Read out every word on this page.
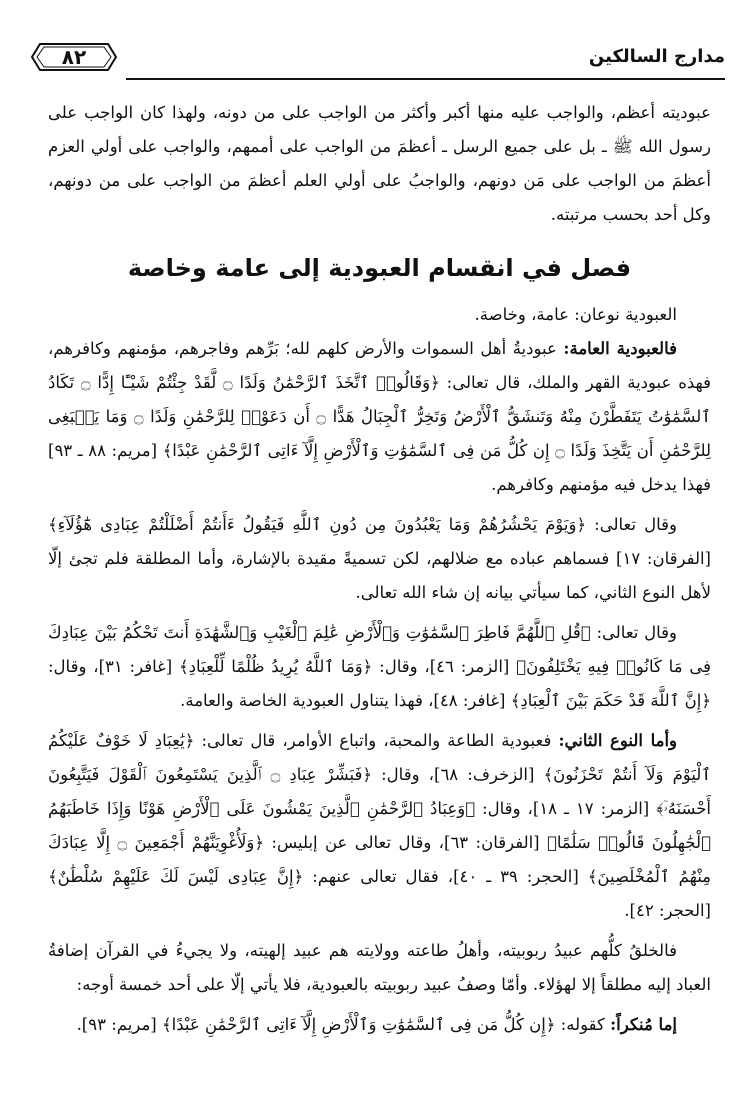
٨٢	مدارج السالكين

عبوديته أعظم، والواجب عليه منها أكبر وأكثر من الواجب على من دونه، ولهذا كان الواجب على رسول الله ﷺ ـ بل على جميع الرسل ـ أعظمَ من الواجب على أممهم، والواجب على أولي العزم أعظمَ من الواجب على مَن دونهم، والواجبُ على أولي العلم أعظمَ من الواجب على من دونهم، وكل أحد بحسب مرتبته.

فصل في انقسام العبودية إلى عامة وخاصة

العبودية نوعان: عامة، وخاصة.

فالعبودية العامة: عبوديةُ أهل السموات والأرض كلهم لله؛ بَرِّهم وفاجرهم، مؤمنهم وكافرهم، فهذه عبودية القهر والملك، قال تعالى: ﴿وَقَالُوا۟ ٱتَّخَذَ ٱلرَّحْمَٰنُ وَلَدًا ۝ لَّقَدْ جِئْتُمْ شَيْـًٔا إِدًّا ۝ تَكَادُ ٱلسَّمَٰوَٰتُ يَتَفَطَّرْنَ مِنْهُ وَتَنشَقُّ ٱلْأَرْضُ وَتَخِرُّ ٱلْجِبَالُ هَدًّا ۝ أَن دَعَوْا۟ لِلرَّحْمَٰنِ وَلَدًا ۝ وَمَا يَنۢبَغِى لِلرَّحْمَٰنِ أَن يَتَّخِذَ وَلَدًا ۝ إِن كُلُّ مَن فِى ٱلسَّمَٰوَٰتِ وَٱلْأَرْضِ إِلَّآ ءَاتِى ٱلرَّحْمَٰنِ عَبْدًا﴾ [مريم: ٨٨ ـ ٩٣] فهذا يدخل فيه مؤمنهم وكافرهم.

وقال تعالى: ﴿وَيَوْمَ يَحْشُرُهُمْ وَمَا يَعْبُدُونَ مِن دُونِ ٱللَّهِ فَيَقُولُ ءَأَنتُمْ أَضْلَلْتُمْ عِبَادِى هَٰٓؤُلَآءِ﴾ [الفرقان: ١٧] فسماهم عباده مع ضلالهم، لكن تسميةً مقيدة بالإشارة، وأما المطلقة فلم تجئ إلّا لأهل النوع الثاني، كما سيأتي بيانه إن شاء الله تعالى.

وقال تعالى: ﴿قُلِ ٱللَّهُمَّ فَاطِرَ ٱلسَّمَٰوَٰتِ وَٱلْأَرْضِ عَٰلِمَ ٱلْغَيْبِ وَٱلشَّهَٰدَةِ أَنتَ تَحْكُمُ بَيْنَ عِبَادِكَ فِى مَا كَانُوا۟ فِيهِ يَخْتَلِفُونَ﴾ [الزمر: ٤٦]، وقال: ﴿وَمَا ٱللَّهُ يُرِيدُ ظُلْمًا لِّلْعِبَادِ﴾ [غافر: ٣١]، وقال: ﴿إِنَّ ٱللَّهَ قَدْ حَكَمَ بَيْنَ ٱلْعِبَادِ﴾ [غافر: ٤٨]، فهذا يتناول العبودية الخاصة والعامة.

وأما النوع الثاني: فعبودية الطاعة والمحبة، واتباع الأوامر، قال تعالى: ﴿يَٰعِبَادِ لَا خَوْفٌ عَلَيْكُمُ ٱلْيَوْمَ وَلَآ أَنتُمْ تَحْزَنُونَ﴾ [الزخرف: ٦٨]، وقال: ﴿فَبَشِّرْ عِبَادِ ۝ ٱلَّذِينَ يَسْتَمِعُونَ ٱلْقَوْلَ فَيَتَّبِعُونَ أَحْسَنَهُۥٓ﴾ [الزمر: ١٧ ـ ١٨]، وقال: ﴿وَعِبَادُ ٱلرَّحْمَٰنِ ٱلَّذِينَ يَمْشُونَ عَلَى ٱلْأَرْضِ هَوْنًا وَإِذَا خَاطَبَهُمُ ٱلْجَٰهِلُونَ قَالُوا۟ سَلَٰمًا﴾ [الفرقان: ٦٣]، وقال تعالى عن إبليس: ﴿وَلَأُغْوِيَنَّهُمْ أَجْمَعِينَ ۝ إِلَّا عِبَادَكَ مِنْهُمُ ٱلْمُخْلَصِينَ﴾ [الحجر: ٣٩ ـ ٤٠]، فقال تعالى عنهم: ﴿إِنَّ عِبَادِى لَيْسَ لَكَ عَلَيْهِمْ سُلْطَٰنٌ﴾ [الحجر: ٤٢].

فالخلقُ كلُّهم عبيدُ ربوبيته، وأهلُ طاعته وولايته هم عبيد إلهيته، ولا يجيءُ في القرآن إضافةُ العباد إليه مطلقاً إلا لهؤلاء. وأمّا وصفُ عبيد ربوبيته بالعبودية، فلا يأتي إلّا على أحد خمسة أوجه:

إما مُنكراً: كقوله: ﴿إِن كُلُّ مَن فِى ٱلسَّمَٰوَٰتِ وَٱلْأَرْضِ إِلَّآ ءَاتِى ٱلرَّحْمَٰنِ عَبْدًا﴾ [مريم: ٩٣].
